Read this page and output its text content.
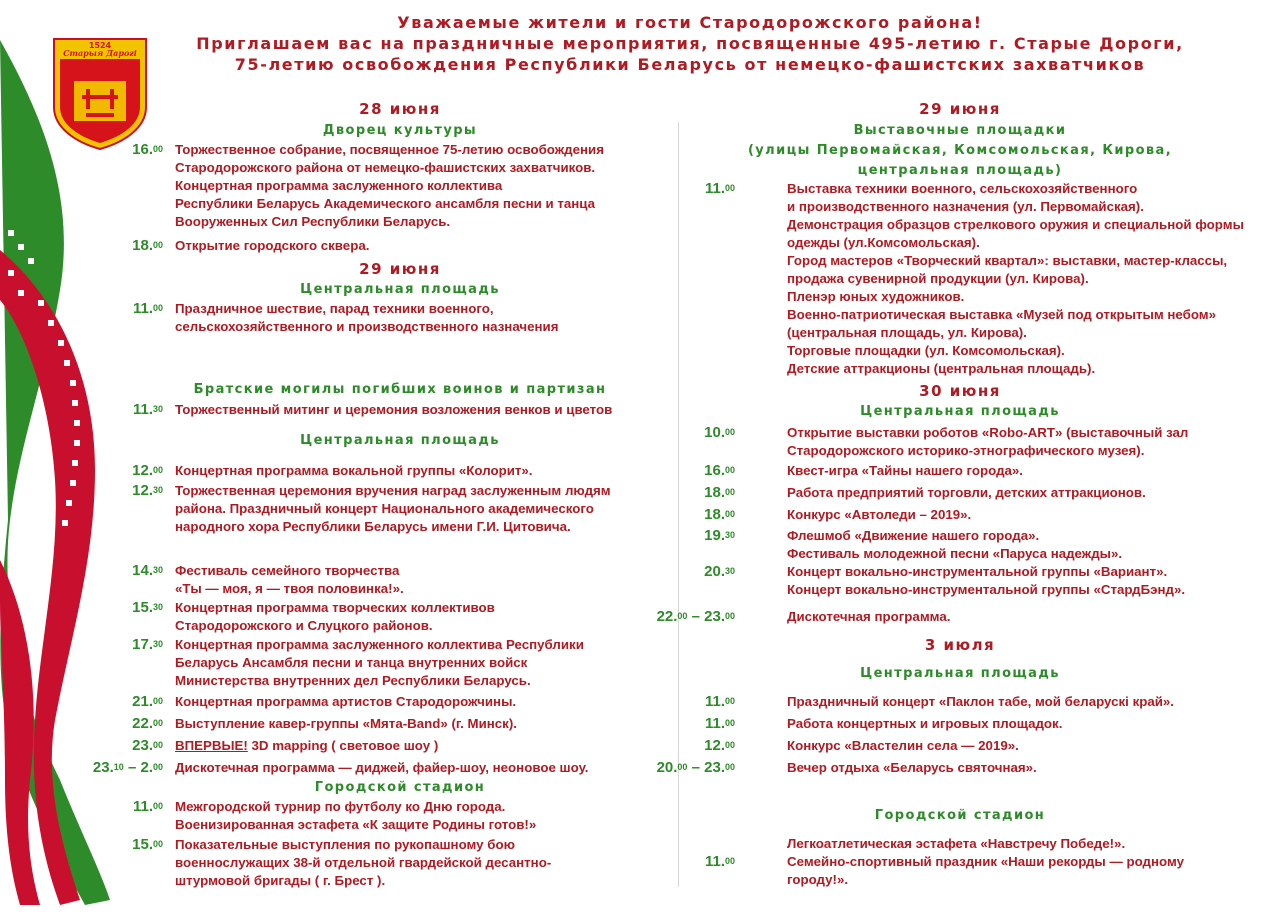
1524
Старыя Дарогі
Уважаемые жители и гости Стародорожского района!
Приглашаем вас на праздничные мероприятия, посвященные 495-летию г. Старые Дороги,
75-летию освобождения Республики Беларусь от немецко-фашистских захватчиков
28 июня
Дворец культуры
16.00 Торжественное собрание, посвященное 75-летию освобождения
Стародорожского района от немецко-фашистских захватчиков.
Концертная программа заслуженного коллектива
Республики Беларусь Академического ансамбля песни и танца
Вооруженных Сил Республики Беларусь.
18.00 Открытие городского сквера.
29 июня
Центральная площадь
11.00 Праздничное шествие, парад техники военного,
сельскохозяйственного и производственного назначения
Братские могилы погибших воинов и партизан
11.30 Торжественный митинг и церемония возложения венков и цветов
Центральная площадь
12.00 Концертная программа вокальной группы «Колорит».
12.30 Торжественная церемония вручения наград заслуженным людям
района. Праздничный концерт Национального академического
народного хора Республики Беларусь имени Г.И. Цитовича.
14.30 Фестиваль семейного творчества
«Ты — моя, я — твоя половинка!».
15.30 Концертная программа творческих коллективов
Стародорожского и Слуцкого районов.
17.30 Концертная программа заслуженного коллектива Республики
Беларусь Ансамбля песни и танца внутренних войск
Министерства внутренних дел Республики Беларусь.
21.00 Концертная программа артистов Стародорожчины.
22.00 Выступление кавер-группы «Мята-Band» (г. Минск).
23.00 ВПЕРВЫЕ! 3D mapping ( световое шоу )
23.10 – 2.00 Дискотечная программа — диджей, файер-шоу, неоновое шоу.
Городской стадион
11.00 Межгородской турнир по футболу ко Дню города.
Военизированная эстафета «К защите Родины готов!»
15.00 Показательные выступления по рукопашному бою
военнослужащих 38-й отдельной гвардейской десантно-
штурмовой бригады ( г. Брест ).
29 июня
Выставочные площадки
(улицы Первомайская, Комсомольская, Кирова,
центральная площадь)
11.00	Выставка техники военного, сельскохозяйственного
и производственного назначения (ул. Первомайская).
Демонстрация образцов стрелкового оружия и специальной формы
одежды (ул.Комсомольская).
Город мастеров «Творческий квартал»: выставки, мастер-классы,
продажа сувенирной продукции (ул. Кирова).
Пленэр юных художников.
Военно-патриотическая выставка «Музей под открытым небом»
(центральная площадь, ул. Кирова).
Торговые площадки (ул. Комсомольская).
Детские аттракционы (центральная площадь).
30 июня
Центральная площадь
10.00	Открытие выставки роботов «Robo-ART» (выставочный зал
Стародорожского историко-этнографического музея).
16.00	Квест-игра «Тайны нашего города».
18.00	Работа предприятий торговли, детских аттракционов.
18.00	Конкурс «Автоледи – 2019».
19.30	Флешмоб «Движение нашего города».
Фестиваль молодежной песни «Паруса надежды».
20.30	Концерт вокально-инструментальной группы «Вариант».
Концерт вокально-инструментальной группы «СтардБэнд».
22.00 – 23.00	Дискотечная программа.
3 июля
Центральная площадь
11.00	Праздничный концерт «Паклон табе, мой беларускі край».
11.00	Работа концертных и игровых площадок.
12.00	Конкурс «Властелин села — 2019».
20.00 – 23.00	Вечер отдыха «Беларусь святочная».
Городской стадион
Легкоатлетическая эстафета «Навстречу Победе!».
11.00	Семейно-спортивный праздник «Наши рекорды — родному
городу!».
